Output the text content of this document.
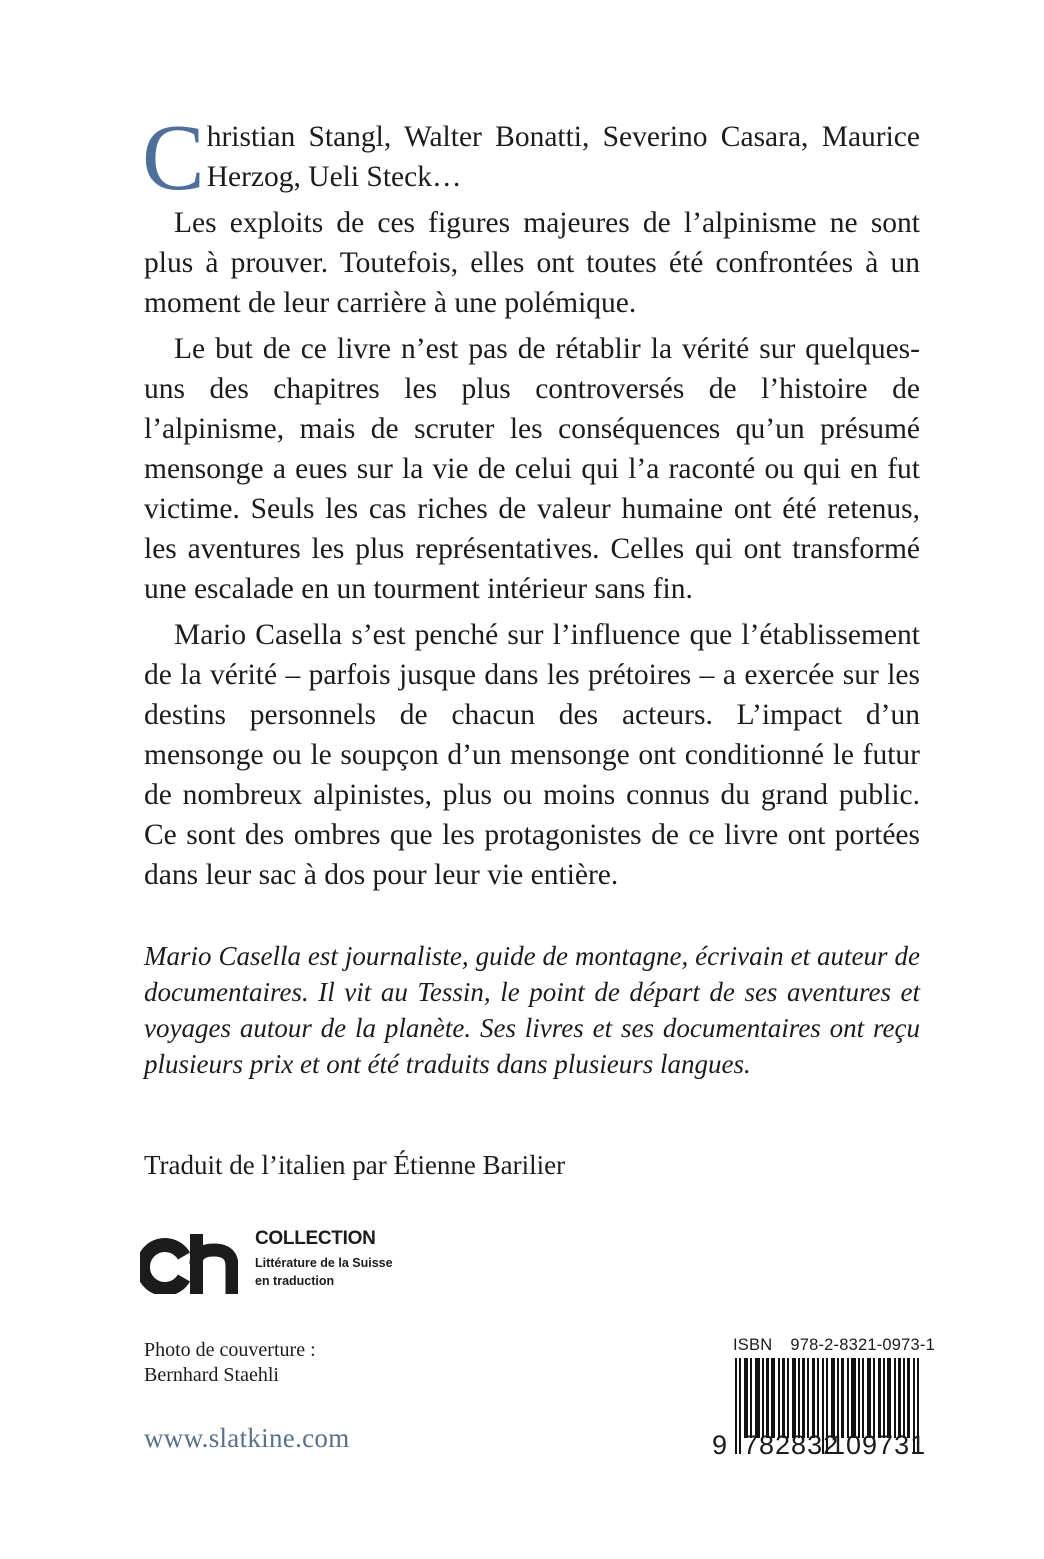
Christian Stangl, Walter Bonatti, Severino Casara, Maurice Herzog, Ueli Steck…

Les exploits de ces figures majeures de l’alpinisme ne sont plus à prouver. Toutefois, elles ont toutes été confrontées à un moment de leur carrière à une polémique.

Le but de ce livre n’est pas de rétablir la vérité sur quelques-uns des chapitres les plus controversés de l’histoire de l’alpinisme, mais de scruter les conséquences qu’un présumé mensonge a eues sur la vie de celui qui l’a raconté ou qui en fut victime. Seuls les cas riches de valeur humaine ont été retenus, les aventures les plus représentatives. Celles qui ont transformé une escalade en un tourment intérieur sans fin.

Mario Casella s’est penché sur l’influence que l’établissement de la vérité – parfois jusque dans les prétoires – a exercée sur les destins personnels de chacun des acteurs. L’impact d’un mensonge ou le soupçon d’un mensonge ont conditionné le futur de nombreux alpinistes, plus ou moins connus du grand public. Ce sont des ombres que les protagonistes de ce livre ont portées dans leur sac à dos pour leur vie entière.

Mario Casella est journaliste, guide de montagne, écrivain et auteur de documentaires. Il vit au Tessin, le point de départ de ses aventures et voyages autour de la planète. Ses livres et ses documentaires ont reçu plusieurs prix et ont été traduits dans plusieurs langues.
Traduit de l’italien par Étienne Barilier
COLLECTION
Littérature de la Suisse
en traduction
Photo de couverture :
Bernhard Staehli
www.slatkine.com
ISBN 978-2-8321-0973-1
9 782832
109731
